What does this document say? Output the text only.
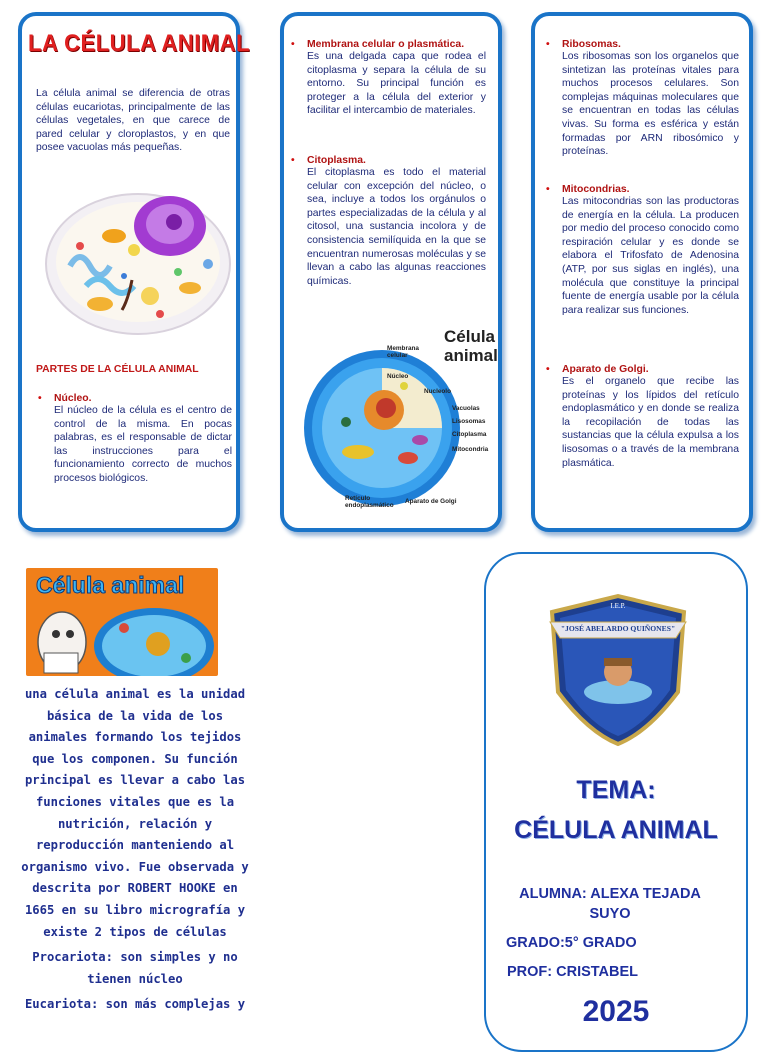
LA CÉLULA ANIMAL
La célula animal se diferencia de otras células eucariotas, principalmente de las células vegetales, en que carece de pared celular y cloroplastos, y en que posee vacuolas más pequeñas.
PARTES DE LA CÉLULA ANIMAL
• Núcleo.
El núcleo de la célula es el centro de control de la misma. En pocas palabras, es el responsable de dictar las instrucciones para el funcionamiento correcto de muchos procesos biológicos.
• Membrana celular o plasmática.
Es una delgada capa que rodea el citoplasma y separa la célula de su entorno. Su principal función es proteger a la célula del exterior y facilitar el intercambio de materiales.
• Citoplasma.
El citoplasma es todo el material celular con excepción del núcleo, o sea, incluye a todos los orgánulos o partes especializadas de la célula y al citosol, una sustancia incolora y de consistencia semilíquida en la que se encuentran numerosas moléculas y se llevan a cabo las algunas reacciones químicas.
Célula
animal
Membrana celular
Núcleo
Nucleolo
Vacuolas
Lisosomas
Citoplasma
Mitocondria
Retículo endoplasmático
Aparato de Golgi
• Ribosomas.
Los ribosomas son los organelos que sintetizan las proteínas vitales para muchos procesos celulares. Son complejas máquinas moleculares que se encuentran en todas las células vivas. Su forma es esférica y están formadas por ARN ribosómico y proteínas.
• Mitocondrias.
Las mitocondrias son las productoras de energía en la célula. La producen por medio del proceso conocido como respiración celular y es donde se elabora el Trifosfato de Adenosina (ATP, por sus siglas en inglés), una molécula que constituye la principal fuente de energía usable por la célula para realizar sus funciones.
• Aparato de Golgi.
Es el organelo que recibe las proteínas y los lípidos del retículo endoplasmático y en donde se realiza la recopilación de todas las sustancias que la célula expulsa a los lisosomas o a través de la membrana plasmática.
Célula animal
una célula animal es la unidad básica de la vida de los animales formando los tejidos que los componen. Su función principal es llevar a cabo las funciones vitales que es la nutrición, relación y reproducción manteniendo al organismo vivo. Fue observada y descrita por ROBERT HOOKE en 1665 en su libro micrografía y existe 2 tipos de células
Procariota: son simples y no tienen núcleo
Eucariota: son más complejas y
I.E.P.
"JOSÉ ABELARDO QUIÑONES"
TEMA:
CÉLULA ANIMAL
ALUMNA: ALEXA TEJADA SUYO
GRADO:5° GRADO
PROF: CRISTABEL
2025
